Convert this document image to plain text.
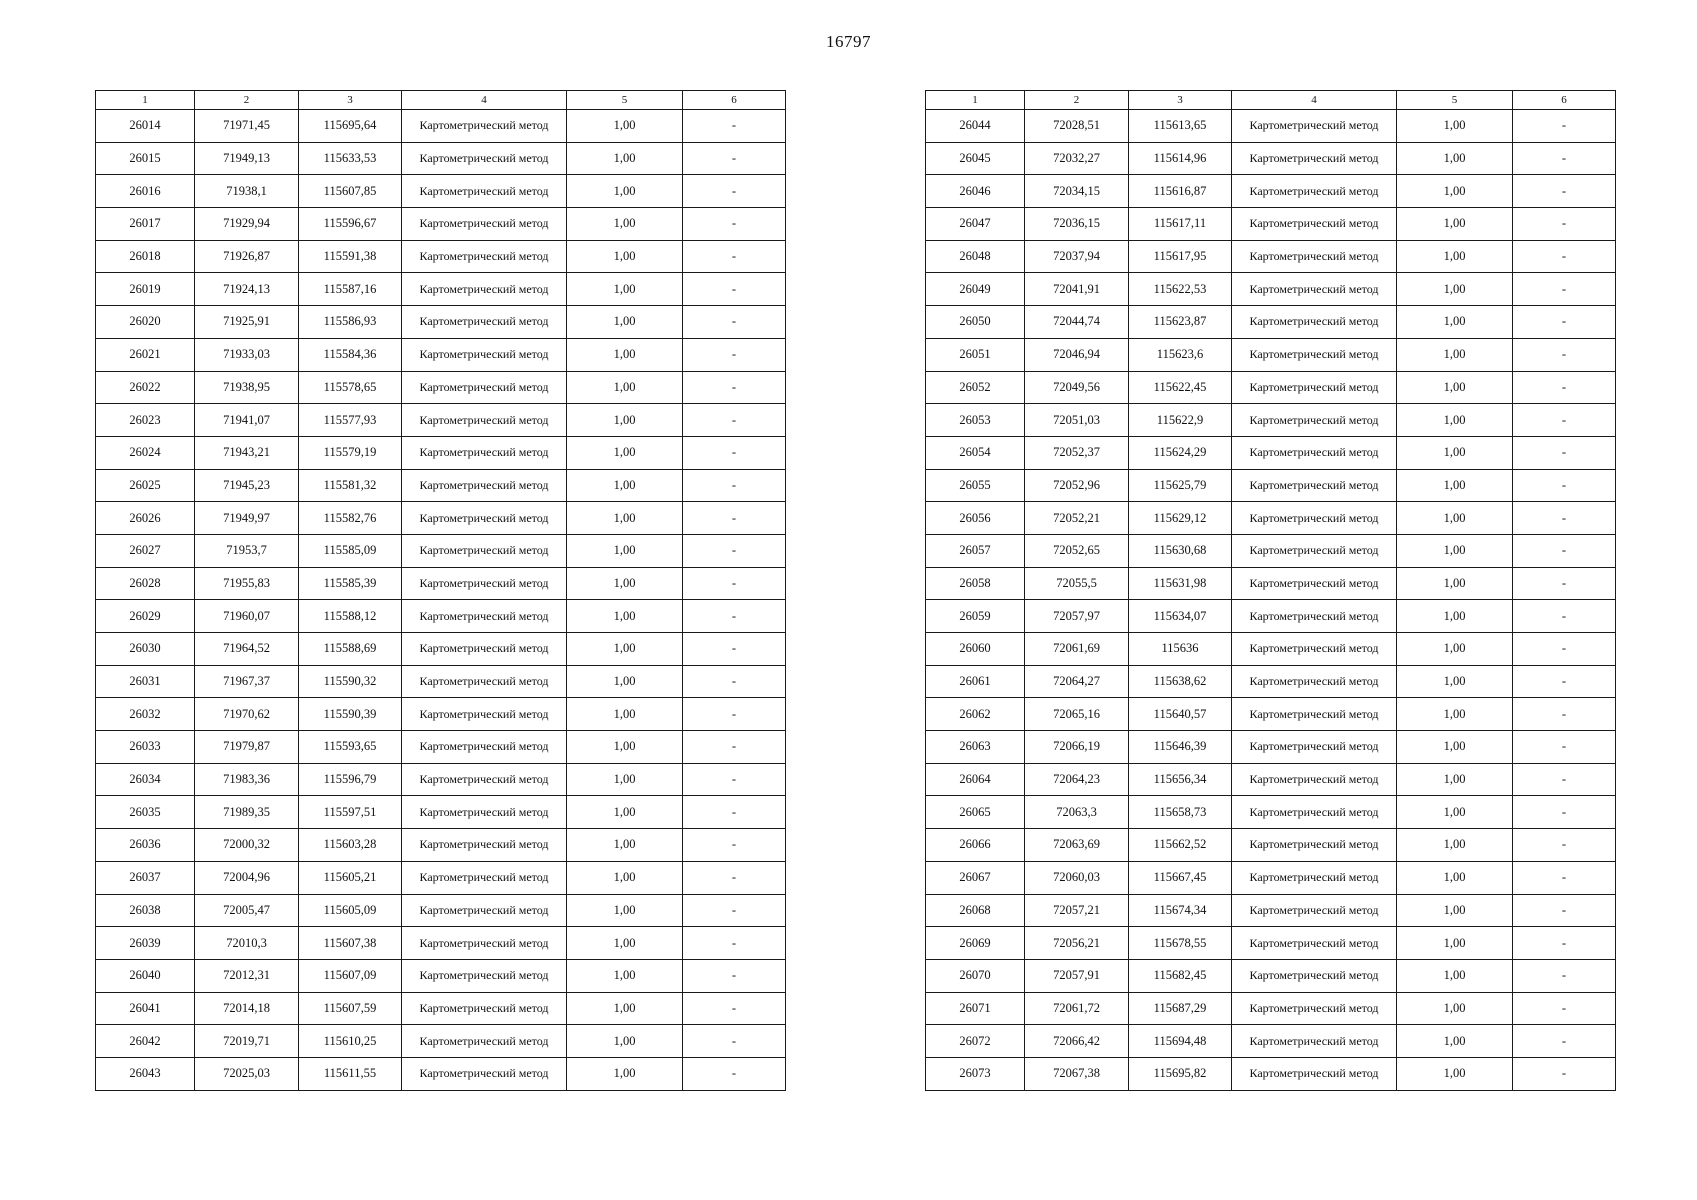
16797
1	2	3	4	5	6
26014	71971,45	115695,64	Картометрический метод	1,00	-
26015	71949,13	115633,53	Картометрический метод	1,00	-
26016	71938,1	115607,85	Картометрический метод	1,00	-
26017	71929,94	115596,67	Картометрический метод	1,00	-
26018	71926,87	115591,38	Картометрический метод	1,00	-
26019	71924,13	115587,16	Картометрический метод	1,00	-
26020	71925,91	115586,93	Картометрический метод	1,00	-
26021	71933,03	115584,36	Картометрический метод	1,00	-
26022	71938,95	115578,65	Картометрический метод	1,00	-
26023	71941,07	115577,93	Картометрический метод	1,00	-
26024	71943,21	115579,19	Картометрический метод	1,00	-
26025	71945,23	115581,32	Картометрический метод	1,00	-
26026	71949,97	115582,76	Картометрический метод	1,00	-
26027	71953,7	115585,09	Картометрический метод	1,00	-
26028	71955,83	115585,39	Картометрический метод	1,00	-
26029	71960,07	115588,12	Картометрический метод	1,00	-
26030	71964,52	115588,69	Картометрический метод	1,00	-
26031	71967,37	115590,32	Картометрический метод	1,00	-
26032	71970,62	115590,39	Картометрический метод	1,00	-
26033	71979,87	115593,65	Картометрический метод	1,00	-
26034	71983,36	115596,79	Картометрический метод	1,00	-
26035	71989,35	115597,51	Картометрический метод	1,00	-
26036	72000,32	115603,28	Картометрический метод	1,00	-
26037	72004,96	115605,21	Картометрический метод	1,00	-
26038	72005,47	115605,09	Картометрический метод	1,00	-
26039	72010,3	115607,38	Картометрический метод	1,00	-
26040	72012,31	115607,09	Картометрический метод	1,00	-
26041	72014,18	115607,59	Картометрический метод	1,00	-
26042	72019,71	115610,25	Картометрический метод	1,00	-
26043	72025,03	115611,55	Картометрический метод	1,00	-
1	2	3	4	5	6
26044	72028,51	115613,65	Картометрический метод	1,00	-
26045	72032,27	115614,96	Картометрический метод	1,00	-
26046	72034,15	115616,87	Картометрический метод	1,00	-
26047	72036,15	115617,11	Картометрический метод	1,00	-
26048	72037,94	115617,95	Картометрический метод	1,00	-
26049	72041,91	115622,53	Картометрический метод	1,00	-
26050	72044,74	115623,87	Картометрический метод	1,00	-
26051	72046,94	115623,6	Картометрический метод	1,00	-
26052	72049,56	115622,45	Картометрический метод	1,00	-
26053	72051,03	115622,9	Картометрический метод	1,00	-
26054	72052,37	115624,29	Картометрический метод	1,00	-
26055	72052,96	115625,79	Картометрический метод	1,00	-
26056	72052,21	115629,12	Картометрический метод	1,00	-
26057	72052,65	115630,68	Картометрический метод	1,00	-
26058	72055,5	115631,98	Картометрический метод	1,00	-
26059	72057,97	115634,07	Картометрический метод	1,00	-
26060	72061,69	115636	Картометрический метод	1,00	-
26061	72064,27	115638,62	Картометрический метод	1,00	-
26062	72065,16	115640,57	Картометрический метод	1,00	-
26063	72066,19	115646,39	Картометрический метод	1,00	-
26064	72064,23	115656,34	Картометрический метод	1,00	-
26065	72063,3	115658,73	Картометрический метод	1,00	-
26066	72063,69	115662,52	Картометрический метод	1,00	-
26067	72060,03	115667,45	Картометрический метод	1,00	-
26068	72057,21	115674,34	Картометрический метод	1,00	-
26069	72056,21	115678,55	Картометрический метод	1,00	-
26070	72057,91	115682,45	Картометрический метод	1,00	-
26071	72061,72	115687,29	Картометрический метод	1,00	-
26072	72066,42	115694,48	Картометрический метод	1,00	-
26073	72067,38	115695,82	Картометрический метод	1,00	-
